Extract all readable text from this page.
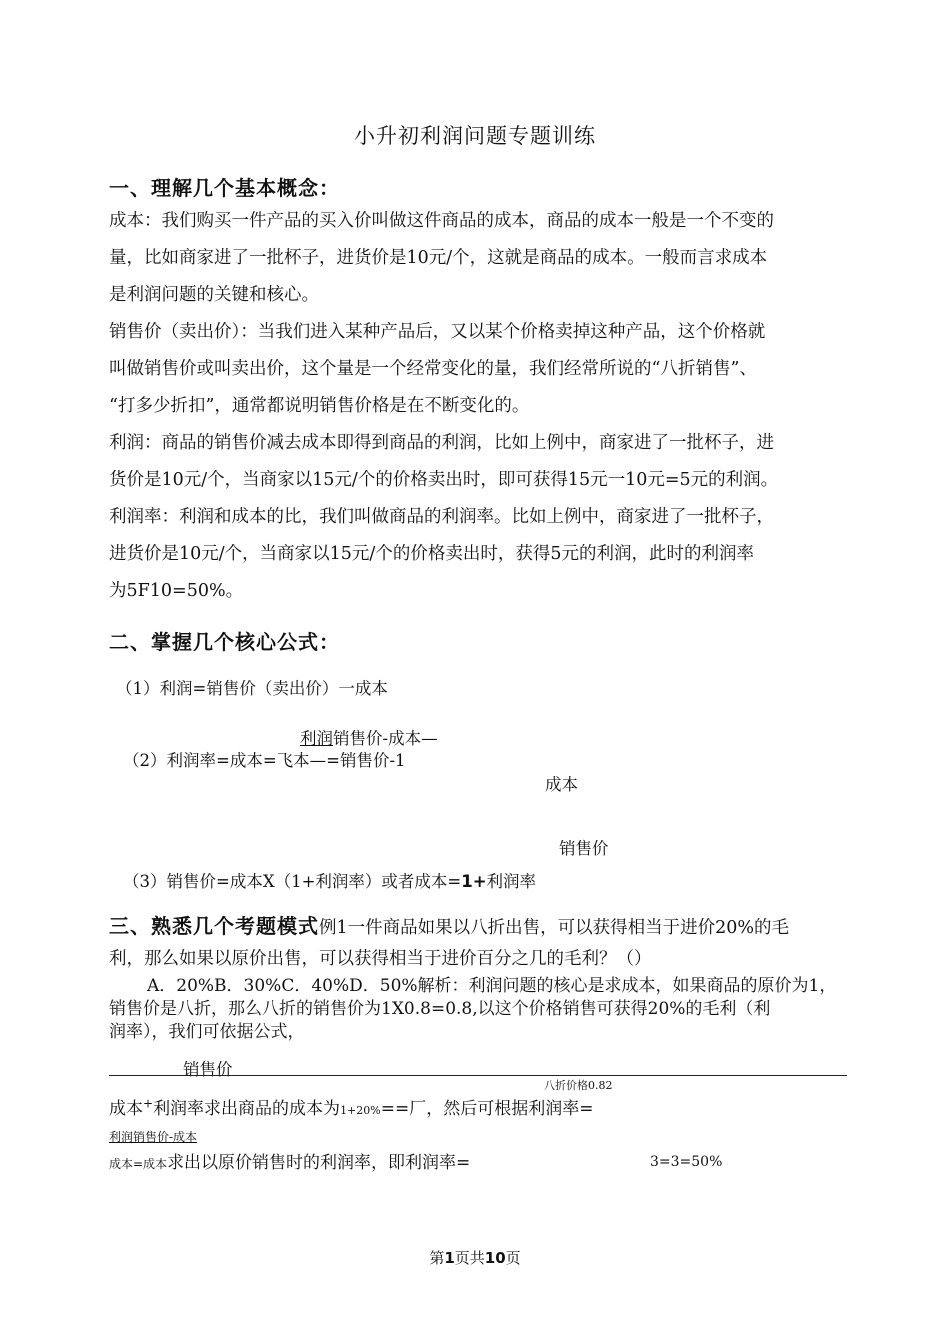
小升初利润问题专题训练
一、理解几个基本概念：
成本：我们购买一件产品的买入价叫做这件商品的成本，商品的成本一般是一个不变的
量，比如商家进了一批杯子，进货价是10元/个，这就是商品的成本。一般而言求成本
是利润问题的关键和核心。
销售价（卖出价）：当我们进入某种产品后，又以某个价格卖掉这种产品，这个价格就
叫做销售价或叫卖出价，这个量是一个经常变化的量，我们经常所说的“八折销售”、
“打多少折扣”，通常都说明销售价格是在不断变化的。
利润：商品的销售价减去成本即得到商品的利润，比如上例中，商家进了一批杯子，进
货价是10元/个，当商家以15元/个的价格卖出时，即可获得15元一10元=5元的利润。
利润率：利润和成本的比，我们叫做商品的利润率。比如上例中，商家进了一批杯子，
进货价是10元/个，当商家以15元/个的价格卖出时，获得5元的利润，此时的利润率
为5F10=50%。
二、掌握几个核心公式：
（1）利润=销售价（卖出价）一成本
利润销售价-成本—
（2）利润率=成本=飞本—=销售价-1
成本
销售价
（3）销售价=成本X（1+利润率）或者成本=1+利润率
三、熟悉几个考题模式例1一件商品如果以八折出售，可以获得相当于进价20%的毛
利，那么如果以原价出售，可以获得相当于进价百分之几的毛利？（）
A．20%B．30%C．40%D．50%解析：利润问题的核心是求成本，如果商品的原价为1，
销售价是八折，那么八折的销售价为1X0.8=0.8,以这个价格销售可获得20%的毛利（利
润率），我们可依据公式，
销售价
八折价格0.82
成本+利润率求出商品的成本为1+20%==厂，然后可根据利润率=
利润销售价-成本
成本=成本求出以原价销售时的利润率，即利润率=	3=3=50%
第1页共10页
